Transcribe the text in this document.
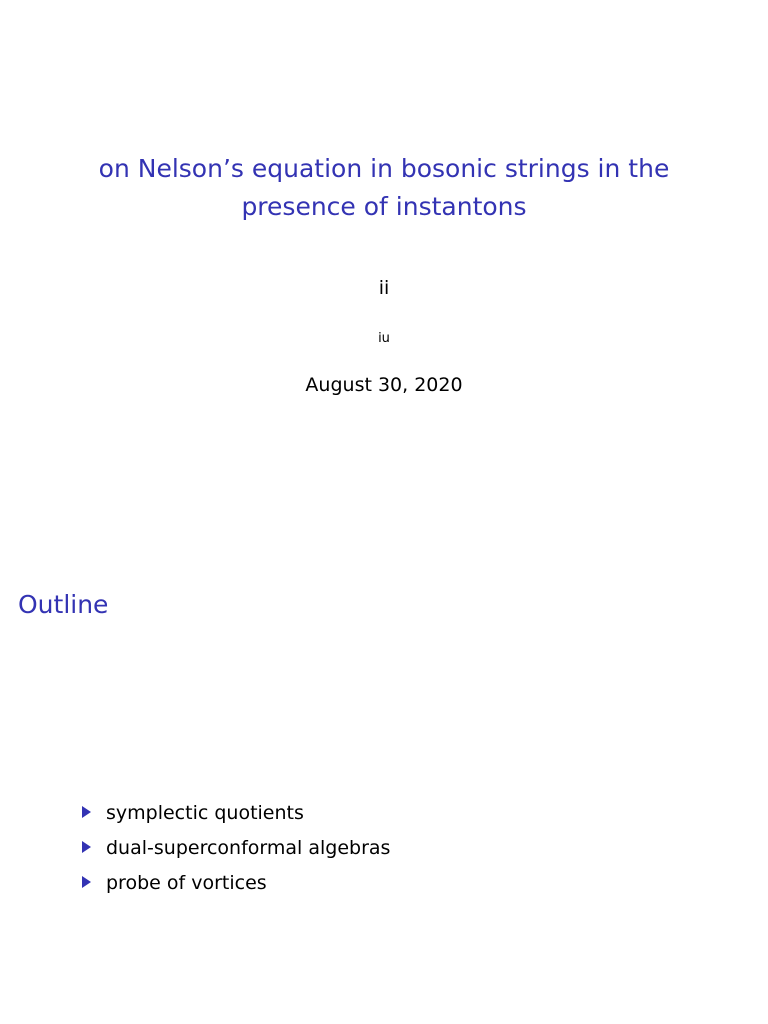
on Nelson’s equation in bosonic strings in the presence of instantons
ii
iu
August 30, 2020
Outline
symplectic quotients
dual-superconformal algebras
probe of vortices
